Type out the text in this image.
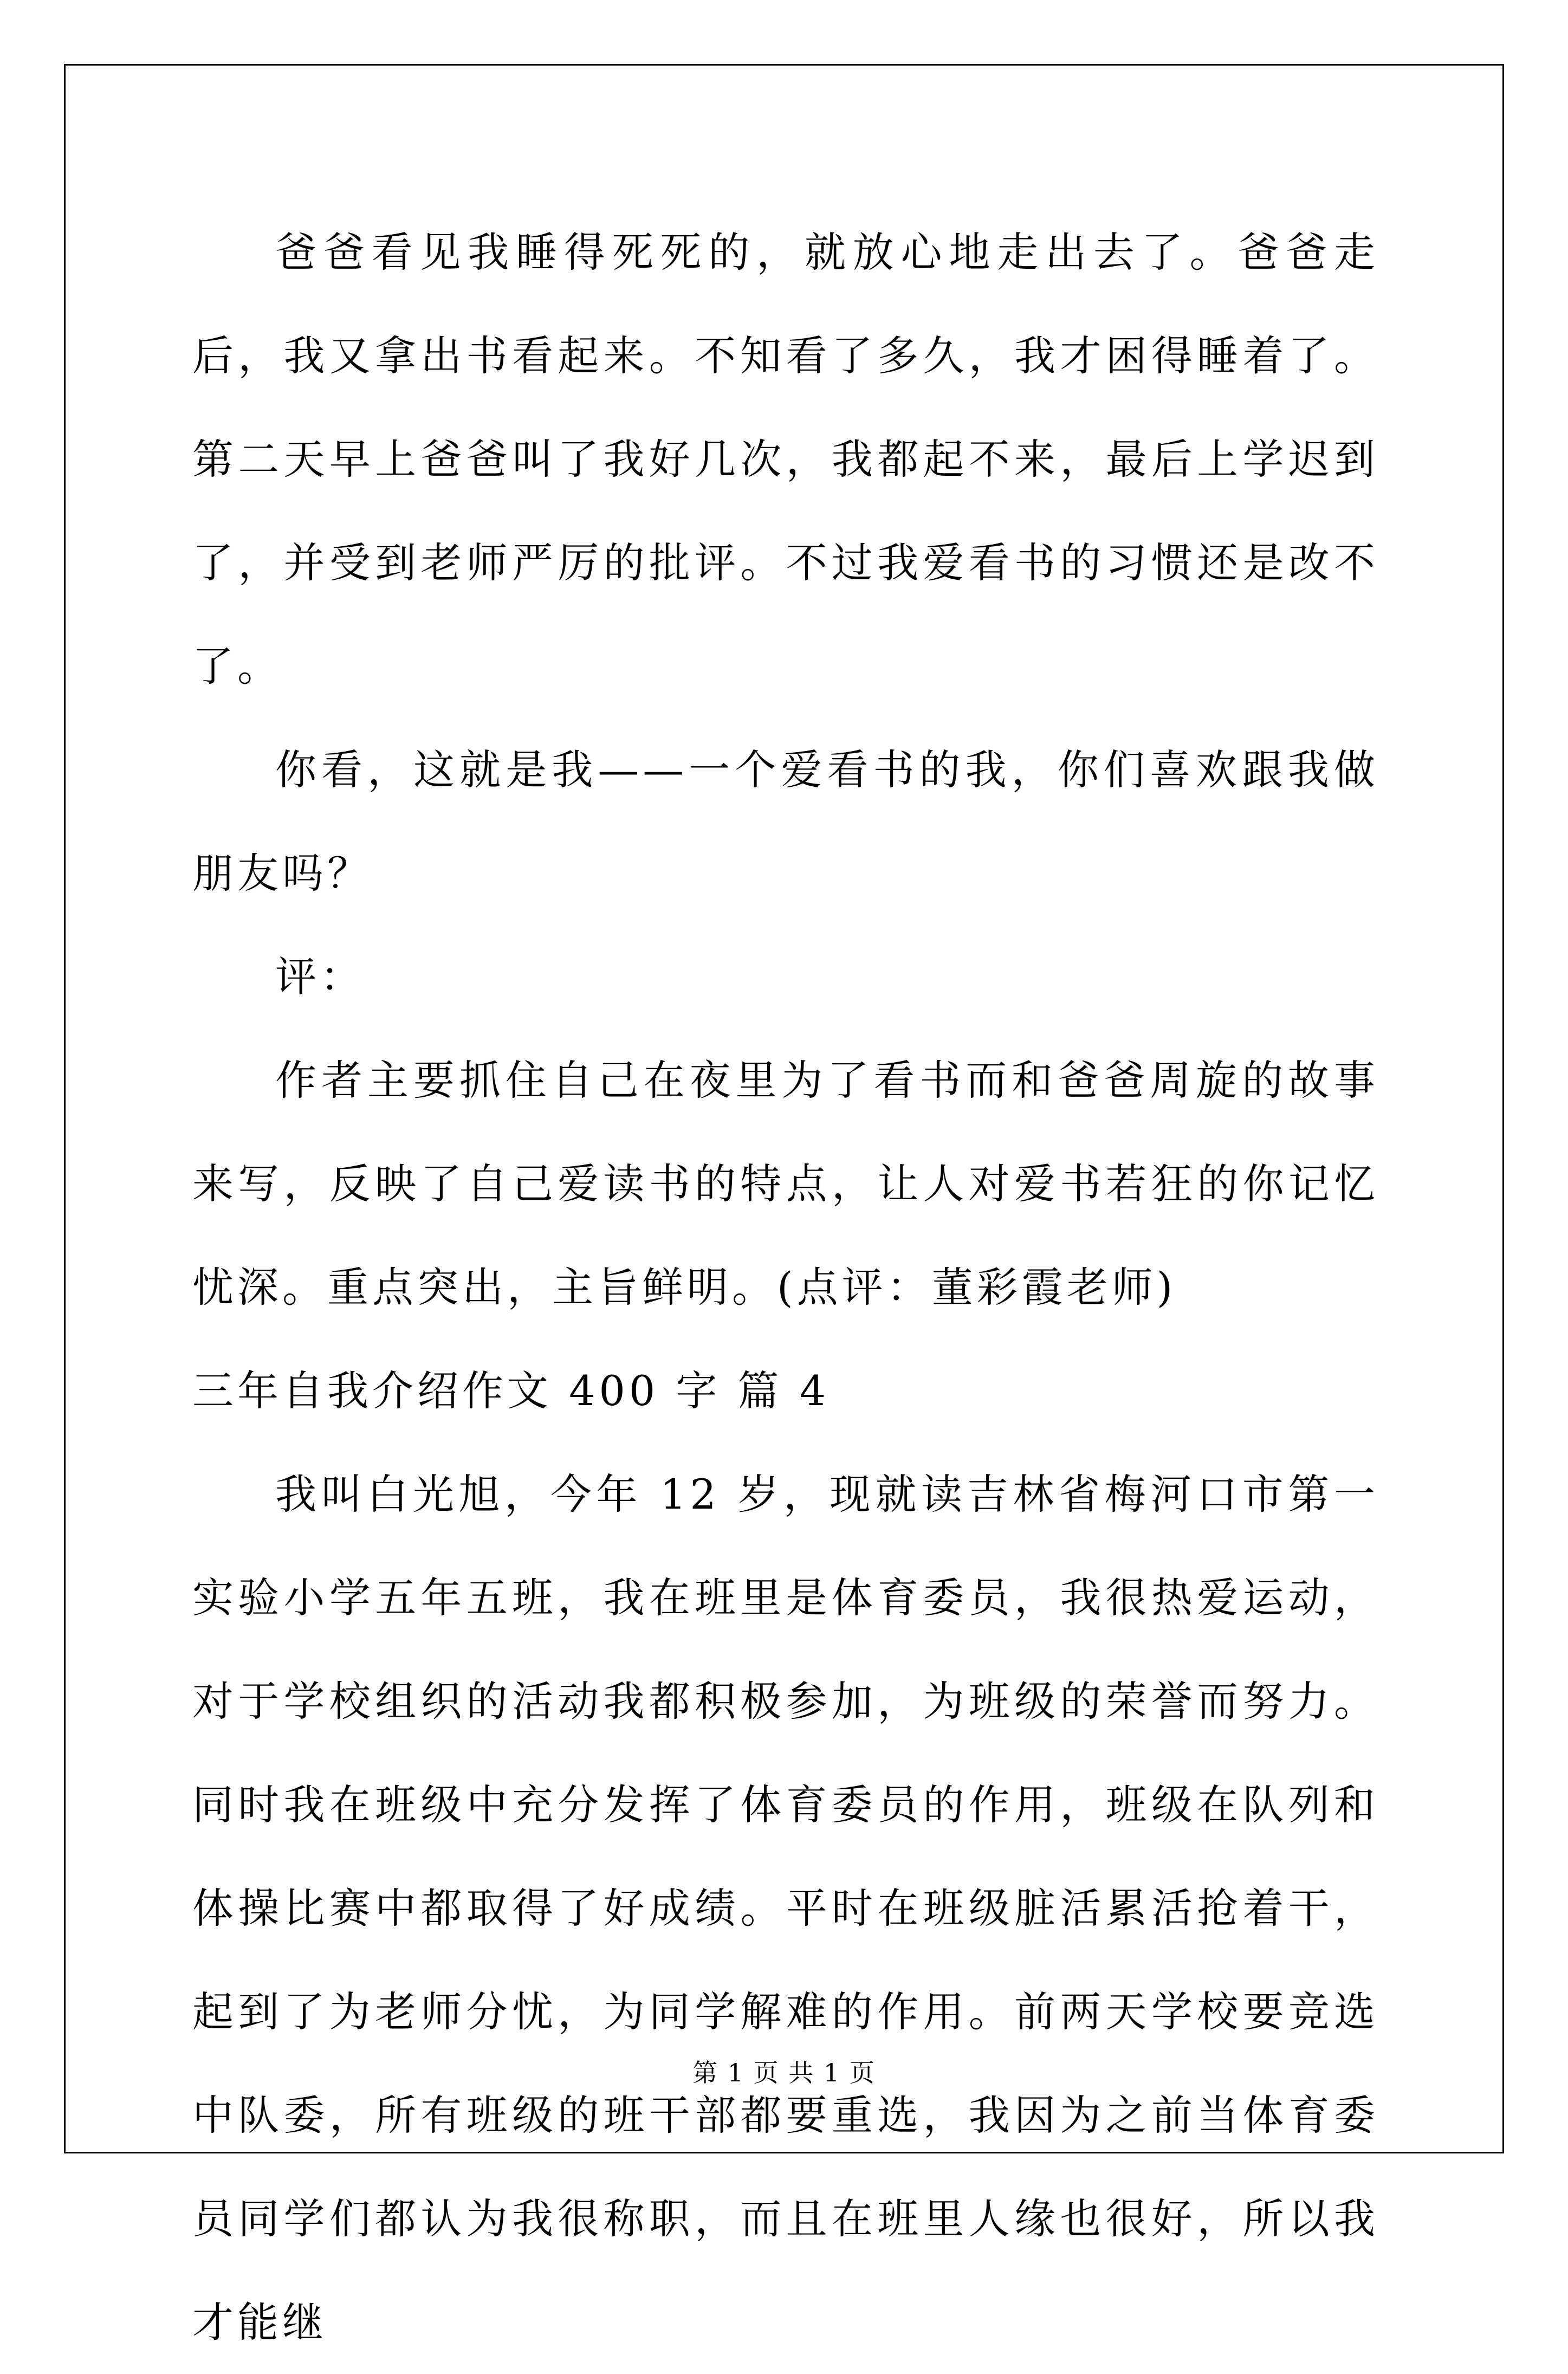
爸爸看见我睡得死死的，就放心地走出去了。爸爸走后，我又拿出书看起来。不知看了多久，我才困得睡着了。第二天早上爸爸叫了我好几次，我都起不来，最后上学迟到了，并受到老师严厉的批评。不过我爱看书的习惯还是改不了。

你看，这就是我——一个爱看书的我，你们喜欢跟我做朋友吗？

评：

作者主要抓住自己在夜里为了看书而和爸爸周旋的故事来写，反映了自己爱读书的特点，让人对爱书若狂的你记忆忧深。重点突出，主旨鲜明。(点评：董彩霞老师)

三年自我介绍作文 400 字 篇 4

我叫白光旭，今年 12 岁，现就读吉林省梅河口市第一实验小学五年五班，我在班里是体育委员，我很热爱运动，对于学校组织的活动我都积极参加，为班级的荣誉而努力。同时我在班级中充分发挥了体育委员的作用，班级在队列和体操比赛中都取得了好成绩。平时在班级脏活累活抢着干，起到了为老师分忧，为同学解难的作用。前两天学校要竞选中队委，所有班级的班干部都要重选，我因为之前当体育委员同学们都认为我很称职，而且在班里人缘也很好，所以我才能继

第 1 页 共 1 页
